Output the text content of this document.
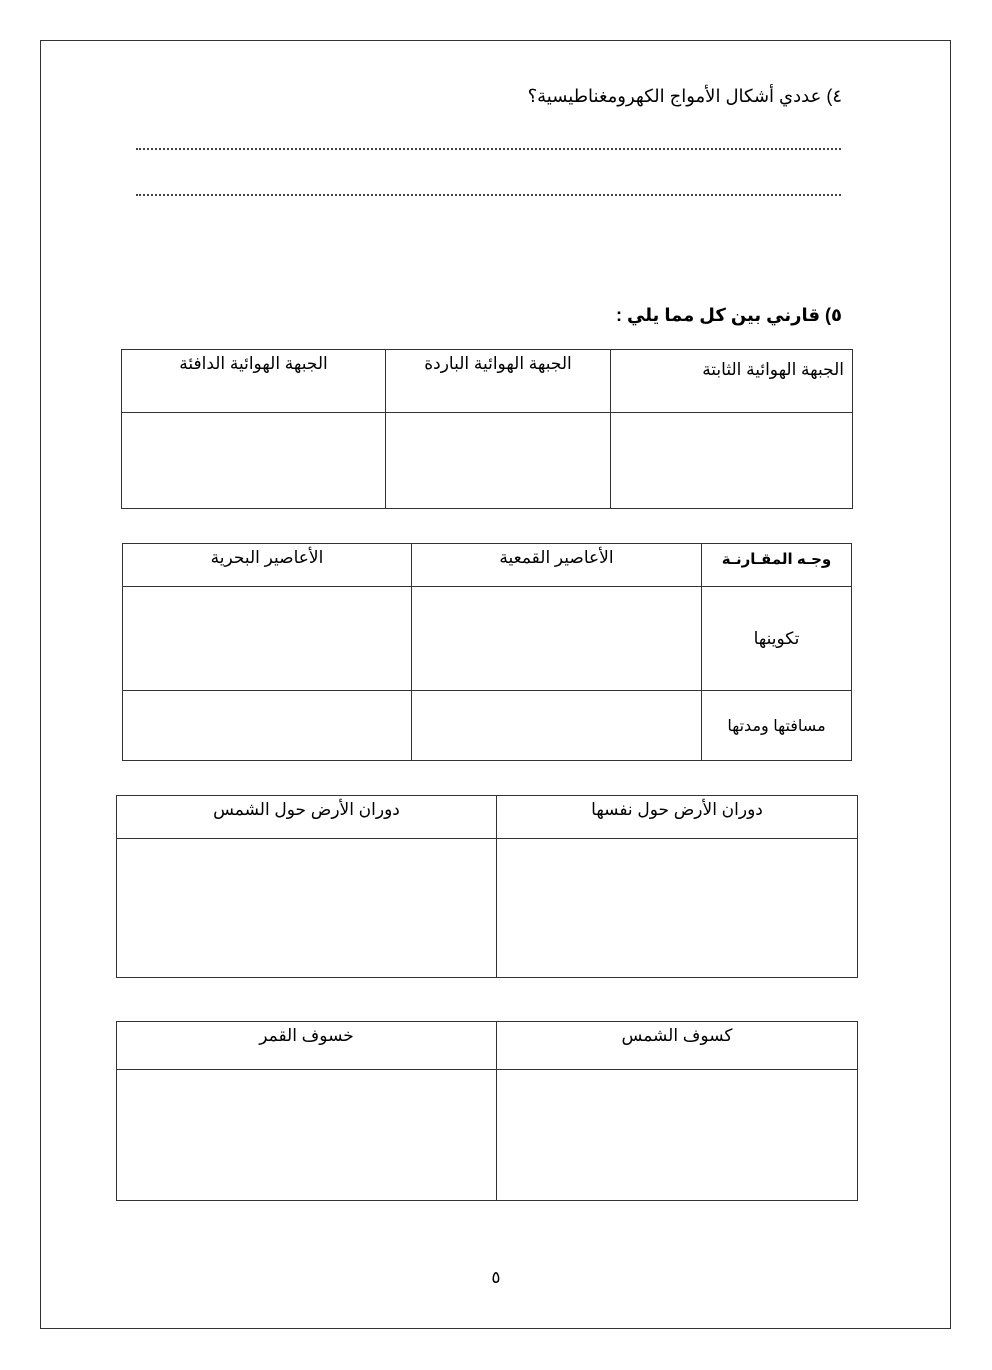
٤) عددي أشكال الأمواج الكهرومغناطيسية؟
٥) قارني بين كل مما يلي :
الجبهة الهوائية الثابتة	الجبهة الهوائية الباردة	الجبهة الهوائية الدافئة

وجـه المقـارنـة	الأعاصير القمعية	الأعاصير البحرية
تكوينها		
مسافتها ومدتها		
دوران الأرض حول نفسها	دوران الأرض حول الشمس

كسوف الشمس	خسوف القمر

٥
